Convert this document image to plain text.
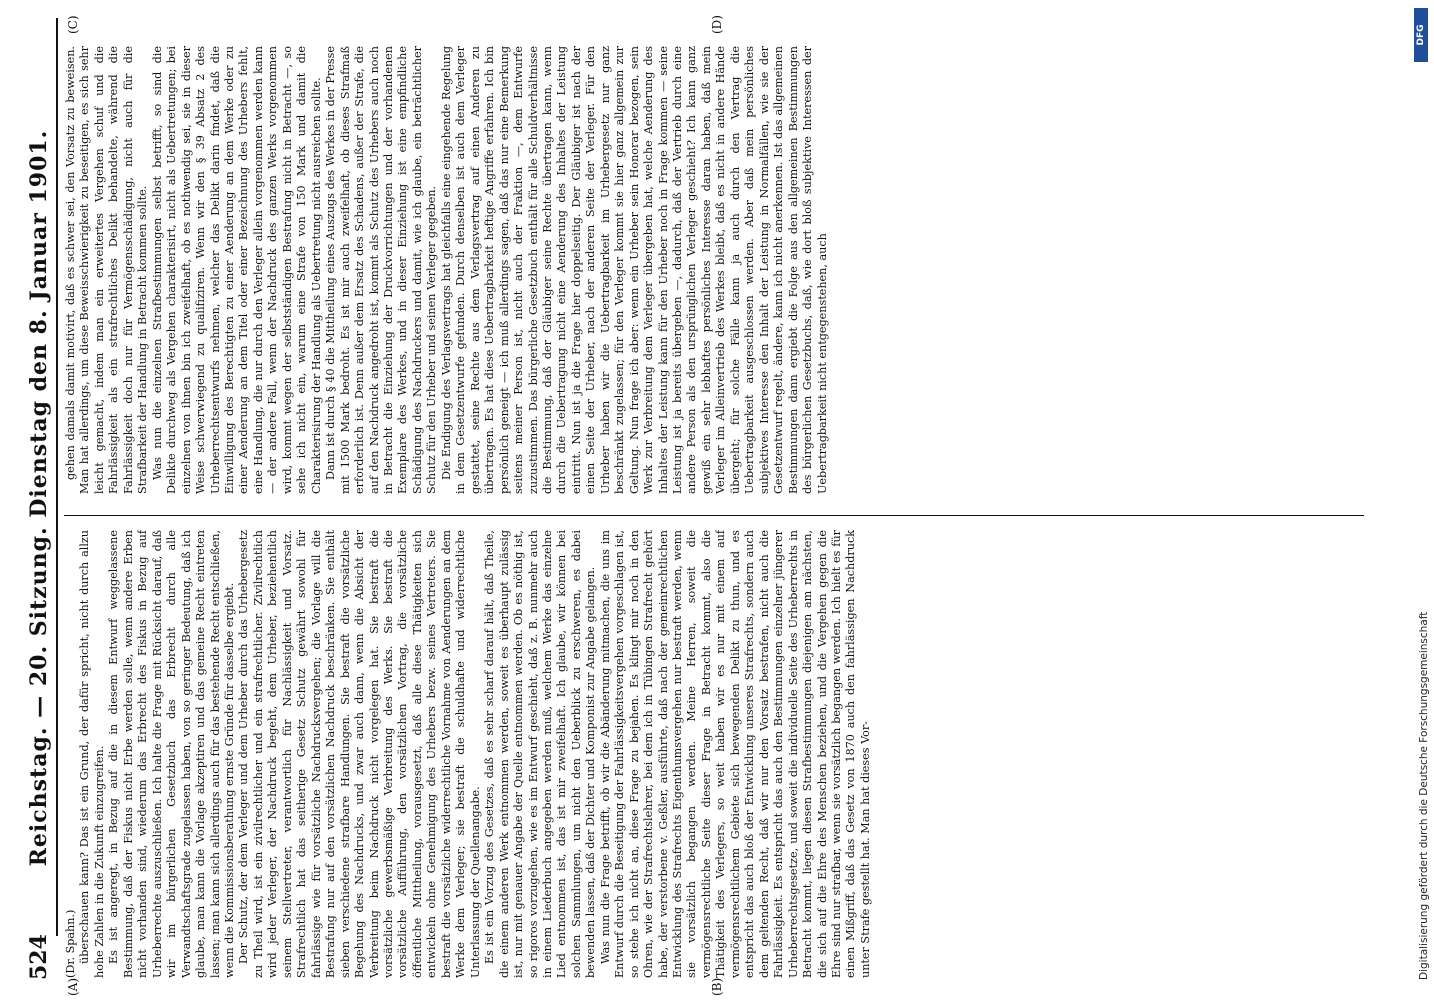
524
Reichstag. — 20. Sitzung. Dienstag den 8. Januar 1901.
(A)	(B)
(C)	(D)

(Dr. Spahn.) überschauen kann? Das ist ein Grund, der dafür spricht, nicht durch allzu hohe Zahlen in die Zukunft einzugreifen. Es ist angeregt, in Bezug auf die in diesem Entwurf weggelassene Bestimmung, daß der Fiskus nicht Erbe werden solle, wenn andere Erben nicht vorhanden sind, wiederum das Erbrecht des Fiskus in Bezug auf Urheberrechte auszuschließen. Ich halte die Frage mit Rücksicht darauf, daß wir im bürgerlichen Gesetzbuch das Erbrecht durch alle Verwandtschaftsgrade zugelassen haben, von so geringer Bedeutung, daß ich glaube, man kann die Vorlage akzeptiren und das gemeine Recht eintreten lassen; man kann sich allerdings auch für das bestehende Recht entschließen, wenn die Kommissionsberathung ernste Gründe für dasselbe ergiebt. Der Schutz, der dem Verleger und dem Urheber durch das Urhebergesetz zu Theil wird, ist ein zivilrechtlicher und ein strafrechtlicher. Zivilrechtlich wird jeder Verleger, der Nachdruck begeht, dem Urheber, beziehentlich seinem Stellvertreter, verantwortlich für Nachlässigkeit und Vorsatz. Strafrechtlich hat das seitherige Gesetz Schutz gewährt sowohl für fahrlässige wie für vorsätzliche Nachdrucksvergehen; die Vorlage will die Bestrafung nur auf den vorsätzlichen Nachdruck beschränken. Sie enthält sieben verschiedene strafbare Handlungen. Sie bestraft die vorsätzliche Begehung des Nachdrucks, und zwar auch dann, wenn die Absicht der Verbreitung beim Nachdruck nicht vorgelegen hat. Sie bestraft die vorsätzliche gewerbsmäßige Verbreitung des Werks. Sie bestraft die vorsätzliche Aufführung, den vorsätzlichen Vortrag, die vorsätzliche öffentliche Mittheilung, vorausgesetzt, daß alle diese Thätigkeiten sich entwickeln ohne Genehmigung des Urhebers bezw. seines Vertreters. Sie bestraft die vorsätzliche widerrechtliche Vornahme von Aenderungen an dem Werke dem Verleger; sie bestraft die schuldhafte und widerrechtliche Unterlassung der Quellenangabe. Es ist ein Vorzug des Gesetzes, daß es sehr scharf darauf hält, daß Theile, die einem anderen Werk entnommen werden, soweit es überhaupt zulässig ist, nur mit genauer Angabe der Quelle entnommen werden. Ob es nöthig ist, so rigoros vorzugehen, wie es im Entwurf geschieht, daß z. B. nunmehr auch in einem Liederbuch angegeben werden muß, welchem Werke das einzelne Lied entnommen ist, das ist mir zweifelhaft. Ich glaube, wir können bei solchen Sammlungen, um nicht den Ueberblick zu erschweren, es dabei bewenden lassen, daß der Dichter und Komponist zur Angabe gelangen. Was nun die Frage betrifft, ob wir die Abänderung mitmachen, die uns im Entwurf durch die Beseitigung der Fahrlässigkeitsvergehen vorgeschlagen ist, so stehe ich nicht an, diese Frage zu bejahen. Es klingt mir noch in den Ohren, wie der Strafrechtslehrer, bei dem ich in Tübingen Strafrecht gehört habe, der verstorbene v. Geßler, ausführte, daß nach der gemeinrechtlichen Entwicklung des Strafrechts Eigenthumsvergehen nur bestraft werden, wenn sie vorsätzlich begangen werden. Meine Herren, soweit die vermögensrechtliche Seite dieser Frage in Betracht kommt, also die Thätigkeit des Verlegers, so weit haben wir es nur mit einem auf vermögensrechtlichem Gebiete sich bewegenden Delikt zu thun, und es entspricht das auch bloß der Entwicklung unseres Strafrechts, sondern auch dem geltenden Recht, daß wir nur den Vorsatz bestrafen, nicht auch die Fahrlässigkeit. Es entspricht das auch den Bestimmungen einzelner jüngerer Urheberrechtsgesetze, und soweit die individuelle Seite des Urheberrechts in Betracht kommt, liegen diesen Strafbestimmungen diejenigen am nächsten, die sich auf die Ehre des Menschen beziehen, und die Vergehen gegen die Ehre sind nur strafbar, wenn sie vorsätzlich begangen werden. Ich hielt es für einen Mißgriff, daß das Gesetz von 1870 auch den fahrlässigen Nachdruck unter Strafe gestellt hat. Man hat dieses Vor-

gehen damals damit motivirt, daß es schwer sei, den Vorsatz zu beweisen. Man hat allerdings, um diese Beweisschwierigkeit zu beseitigen, es sich sehr leicht gemacht, indem man ein erweitertes Vergehen schuf und die Fahrlässigkeit als ein strafrechtliches Delikt behandelte, während die Fahrlässigkeit doch nur für Vermögensschädigung, nicht auch für die Strafbarkeit der Handlung in Betracht kommen sollte. Was nun die einzelnen Strafbestimmungen selbst betrifft, so sind die Delikte durchweg als Vergehen charakterisirt, nicht als Uebertretungen; bei einzelnen von ihnen bin ich zweifelhaft, ob es nothwendig sei, sie in dieser Weise schwerwiegend zu qualifiziren. Wenn wir den § 39 Absatz 2 des Urheberrechtsentwurfs nehmen, welcher das Delikt darin findet, daß die Einwilligung des Berechtigten zu einer Aenderung an dem Werke oder zu einer Aenderung an dem Titel oder einer Bezeichnung des Urhebers fehlt, eine Handlung, die nur durch den Verleger allein vorgenommen werden kann — der andere Fall, wenn der Nachdruck des ganzen Werks vorgenommen wird, kommt wegen der selbstständigen Bestrafung nicht in Betracht —, so sehe ich nicht ein, warum eine Strafe von 150 Mark und damit die Charakterisirung der Handlung als Uebertretung nicht ausreichen sollte. Dann ist durch § 40 die Mittheilung eines Auszugs des Werkes in der Presse mit 1500 Mark bedroht. Es ist mir auch zweifelhaft, ob dieses Strafmaß erforderlich ist. Denn außer dem Ersatz des Schadens, außer der Strafe, die auf den Nachdruck angedroht ist, kommt als Schutz des Urhebers auch noch in Betracht die Einziehung der Druckvorrichtungen und der vorhandenen Exemplare des Werkes, und in dieser Einziehung ist eine empfindliche Schädigung des Nachdruckers und damit, wie ich glaube, ein beträchtlicher Schutz für den Urheber und seinen Verleger gegeben. Die Endigung des Verlagsvertrags hat gleichfalls eine eingehende Regelung in dem Gesetzentwurfe gefunden. Durch denselben ist auch dem Verleger gestattet, seine Rechte aus dem Verlagsvertrag auf einen Anderen zu übertragen. Es hat diese Uebertragbarkeit heftige Angriffe erfahren. Ich bin persönlich geneigt — ich muß allerdings sagen, daß das nur eine Bemerkung seitens meiner Person ist, nicht auch der Fraktion —, dem Entwurfe zuzustimmen. Das bürgerliche Gesetzbuch enthält für alle Schuldverhältnisse die Bestimmung, daß der Gläubiger seine Rechte übertragen kann, wenn durch die Uebertragung nicht eine Aenderung des Inhaltes der Leistung eintritt. Nun ist ja die Frage hier doppelseitig. Der Gläubiger ist nach der einen Seite der Urheber, nach der anderen Seite der Verleger. Für den Urheber haben wir die Uebertragbarkeit im Urhebergesetz nur ganz beschränkt zugelassen; für den Verleger kommt sie hier ganz allgemein zur Geltung. Nun frage ich aber: wenn ein Urheber sein Honorar bezogen, sein Werk zur Verbreitung dem Verleger übergeben hat, welche Aenderung des Inhaltes der Leistung kann für den Urheber noch in Frage kommen — seine Leistung ist ja bereits übergeben —, dadurch, daß der Vertrieb durch eine andere Person als den ursprünglichen Verleger geschieht? Ich kann ganz gewiß ein sehr lebhaftes persönliches Interesse daran haben, daß mein Verleger im Alleinvertrieb des Werkes bleibt, daß es nicht in andere Hände übergeht; für solche Fälle kann ja auch durch den Vertrag die Uebertragbarkeit ausgeschlossen werden. Aber daß mein persönliches subjektives Interesse den Inhalt der Leistung in Normalfällen, wie sie der Gesetzentwurf regelt, ändere, kann ich nicht anerkennen. Ist das allgemeinen Bestimmungen dann ergiebt die Folge aus den allgemeinen Bestimmungen des bürgerlichen Gesetzbuchs, daß, wie dort bloß subjektive Interessen der Uebertragbarkeit nicht entgegenstehen, auch

DFG
Digitalisierung gefördert durch die Deutsche Forschungsgemeinschaft
